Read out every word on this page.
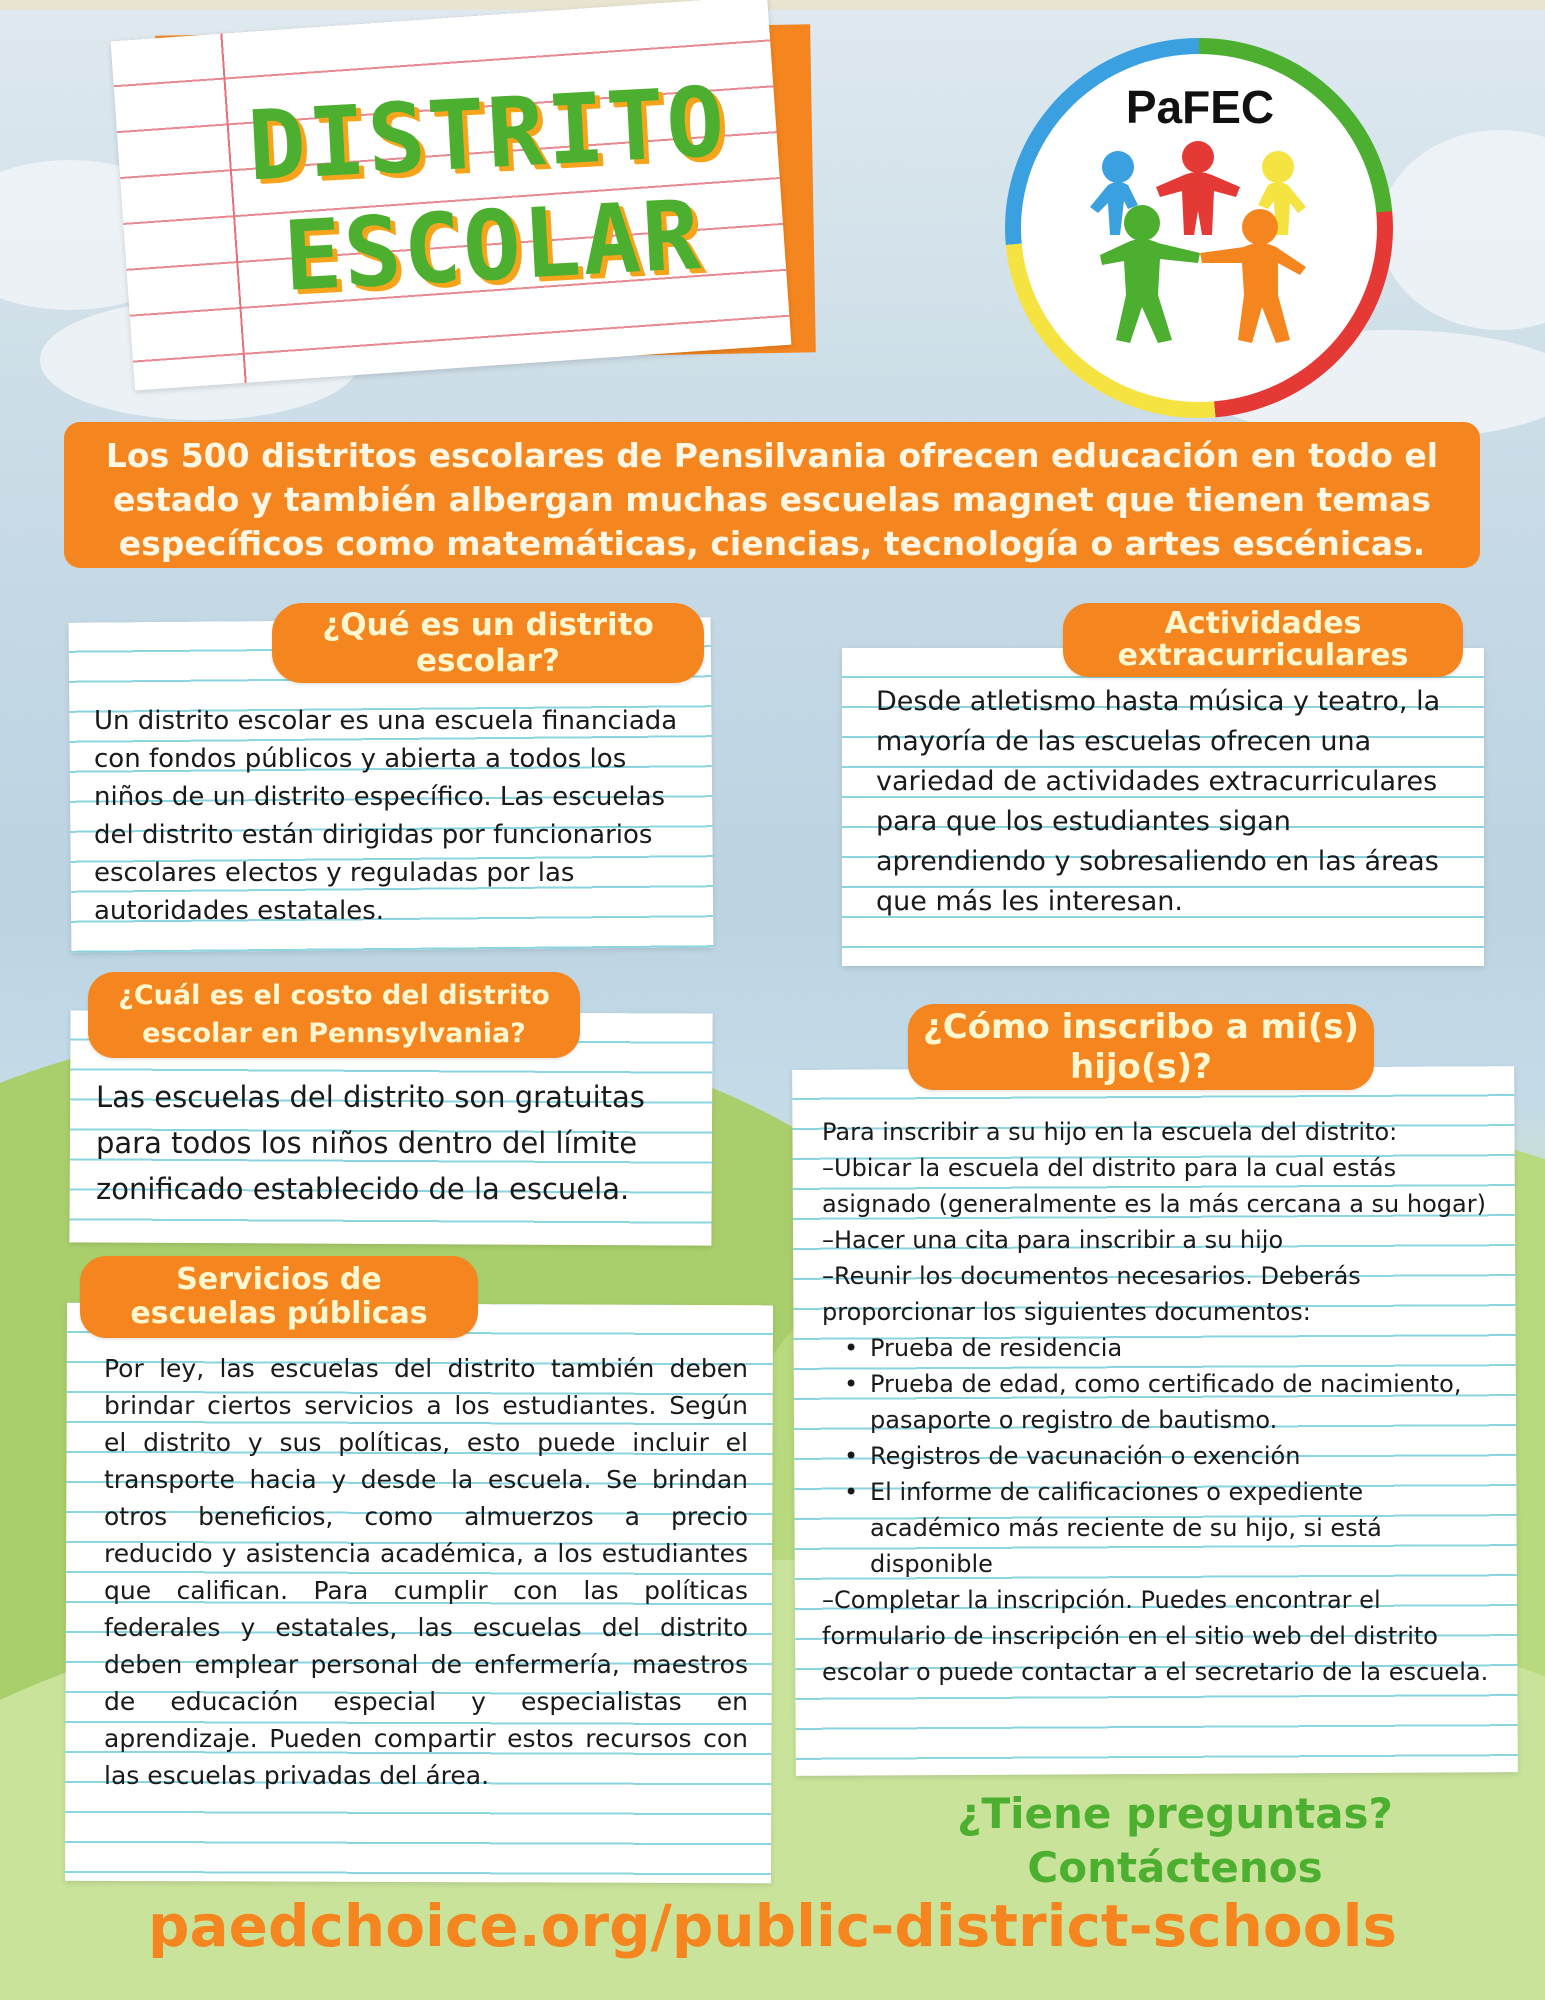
DISTRITO
ESCOLAR
PaFEC
Los 500 distritos escolares de Pensilvania ofrecen educación en todo el estado y también albergan muchas escuelas magnet que tienen temas específicos como matemáticas, ciencias, tecnología o artes escénicas.
¿Qué es un distrito escolar?
Un distrito escolar es una escuela financiada con fondos públicos y abierta a todos los niños de un distrito específico. Las escuelas del distrito están dirigidas por funcionarios escolares electos y reguladas por las autoridades estatales.
Actividades
extracurriculares
Desde atletismo hasta música y teatro, la mayoría de las escuelas ofrecen una variedad de actividades extracurriculares para que los estudiantes sigan aprendiendo y sobresaliendo en las áreas que más les interesan.
¿Cuál es el costo del distrito
escolar en Pennsylvania?
Las escuelas del distrito son gratuitas para todos los niños dentro del límite zonificado establecido de la escuela.
¿Cómo inscribo a mi(s)
hijo(s)?
Para inscribir a su hijo en la escuela del distrito:
–Ubicar la escuela del distrito para la cual estás asignado (generalmente es la más cercana a su hogar)
–Hacer una cita para inscribir a su hijo
–Reunir los documentos necesarios. Deberás proporcionar los siguientes documentos:
• Prueba de residencia
• Prueba de edad, como certificado de nacimiento, pasaporte o registro de bautismo.
• Registros de vacunación o exención
• El informe de calificaciones o expediente académico más reciente de su hijo, si está disponible
–Completar la inscripción. Puedes encontrar el formulario de inscripción en el sitio web del distrito escolar o puede contactar a el secretario de la escuela.
Servicios de
escuelas públicas
Por ley, las escuelas del distrito también deben brindar ciertos servicios a los estudiantes. Según el distrito y sus políticas, esto puede incluir el transporte hacia y desde la escuela. Se brindan otros beneficios, como almuerzos a precio reducido y asistencia académica, a los estudiantes que califican. Para cumplir con las políticas federales y estatales, las escuelas del distrito deben emplear personal de enfermería, maestros de educación especial y especialistas en aprendizaje. Pueden compartir estos recursos con las escuelas privadas del área.
¿Tiene preguntas?
Contáctenos
paedchoice.org/public-district-schools
